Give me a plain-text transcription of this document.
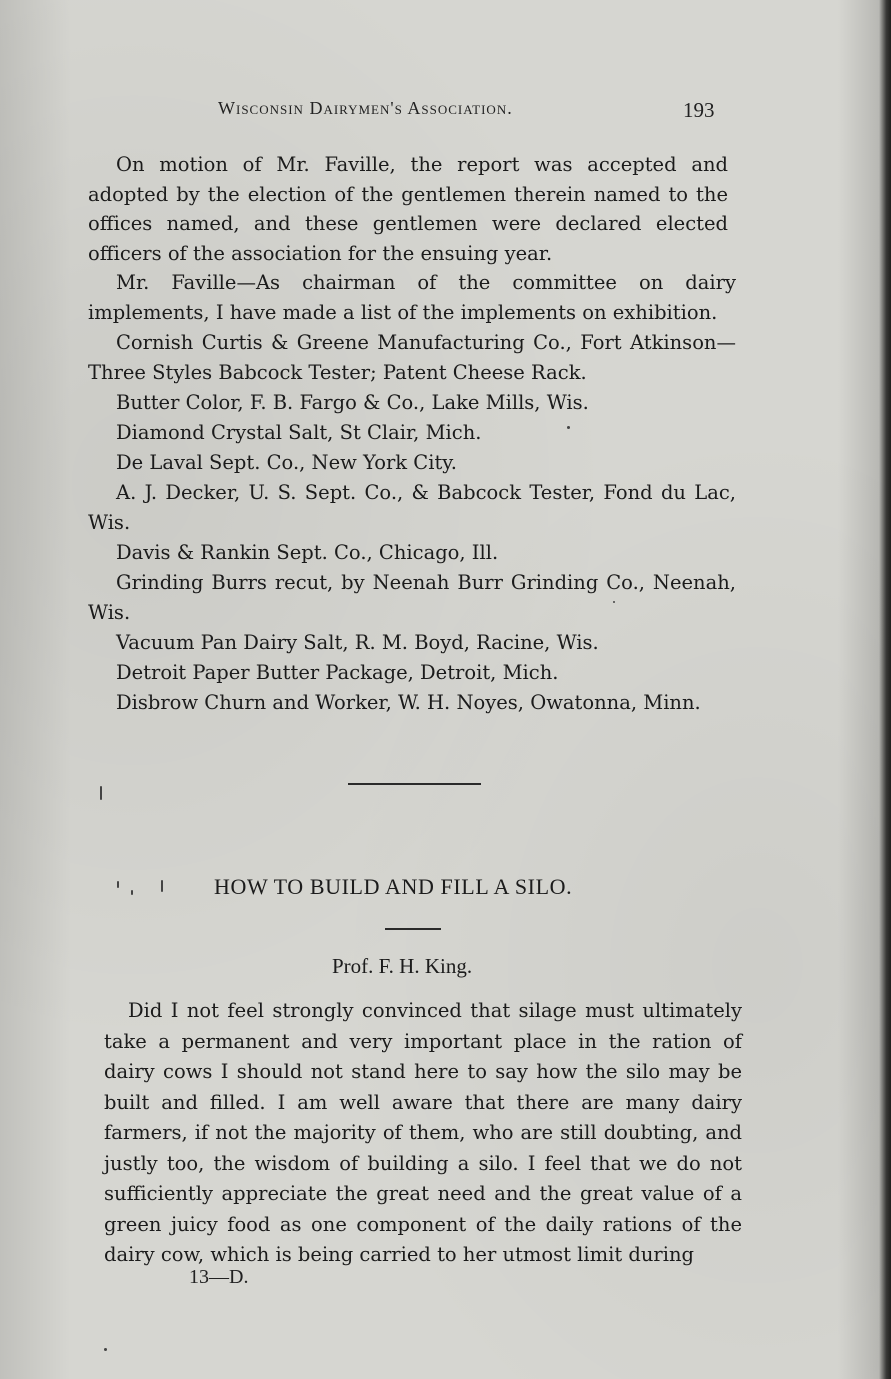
Wisconsin Dairymen's Association.	193

On motion of Mr. Faville, the report was accepted and adopted by the election of the gentlemen therein named to the offices named, and these gentlemen were declared elected officers of the association for the ensuing year.

Mr. Faville—As chairman of the committee on dairy implements, I have made a list of the implements on exhibition.

Cornish Curtis & Greene Manufacturing Co., Fort Atkinson—Three Styles Babcock Tester; Patent Cheese Rack.

Butter Color, F. B. Fargo & Co., Lake Mills, Wis.

Diamond Crystal Salt, St Clair, Mich.

De Laval Sept. Co., New York City.

A. J. Decker, U. S. Sept. Co., & Babcock Tester, Fond du Lac, Wis.

Davis & Rankin Sept. Co., Chicago, Ill.

Grinding Burrs recut, by Neenah Burr Grinding Co., Neenah, Wis.

Vacuum Pan Dairy Salt, R. M. Boyd, Racine, Wis.

Detroit Paper Butter Package, Detroit, Mich.

Disbrow Churn and Worker, W. H. Noyes, Owatonna, Minn.

HOW TO BUILD AND FILL A SILO.
Prof. F. H. King.

Did I not feel strongly convinced that silage must ultimately take a permanent and very important place in the ration of dairy cows I should not stand here to say how the silo may be built and filled. I am well aware that there are many dairy farmers, if not the majority of them, who are still doubting, and justly too, the wisdom of building a silo. I feel that we do not sufficiently appreciate the great need and the great value of a green juicy food as one component of the daily rations of the dairy cow, which is being carried to her utmost limit during

13—D.
